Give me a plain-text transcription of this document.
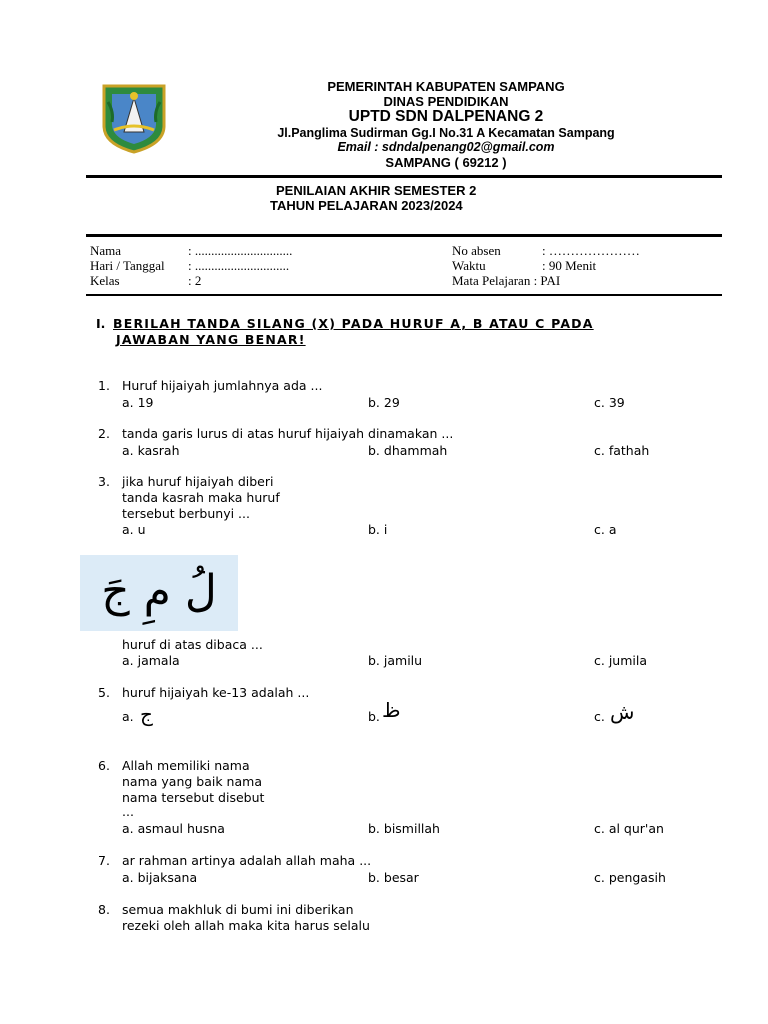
PEMERINTAH KABUPATEN SAMPANG
DINAS PENDIDIKAN
UPTD SDN DALPENANG 2
Jl.Panglima Sudirman Gg.I No.31 A Kecamatan Sampang
Email : sdndalpenang02@gmail.com
SAMPANG ( 69212 )
PENILAIAN AKHIR SEMESTER 2
TAHUN PELAJARAN 2023/2024
Nama	: ..............................
Hari / Tanggal : .............................
Kelas	: 2
No absen	: …………………
Waktu	: 90 Menit
Mata Pelajaran : PAI
I. BERILAH TANDA SILANG (X) PADA HURUF A, B ATAU C PADA
JAWABAN YANG BENAR!
1. Huruf hijaiyah jumlahnya ada ...
a. 19	b. 29	c. 39
2. tanda garis lurus di atas huruf hijaiyah dinamakan ...
a. kasrah	b. dhammah	c. fathah
3. jika huruf hijaiyah diberi
tanda kasrah maka huruf
tersebut berbunyi ...
a. u	b. i	c. a
لُ مِ جَ
huruf di atas dibaca ...
a. jamala	b. jamilu	c. jumila
5. huruf hijaiyah ke-13 adalah ...
a. ج	b. ظ	c. ش
6. Allah memiliki nama
nama yang baik nama
nama tersebut disebut
...
a. asmaul husna	b. bismillah	c. al qur'an
7. ar rahman artinya adalah allah maha ...
a. bijaksana	b. besar	c. pengasih
8. semua makhluk di bumi ini diberikan
rezeki oleh allah maka kita harus selalu
